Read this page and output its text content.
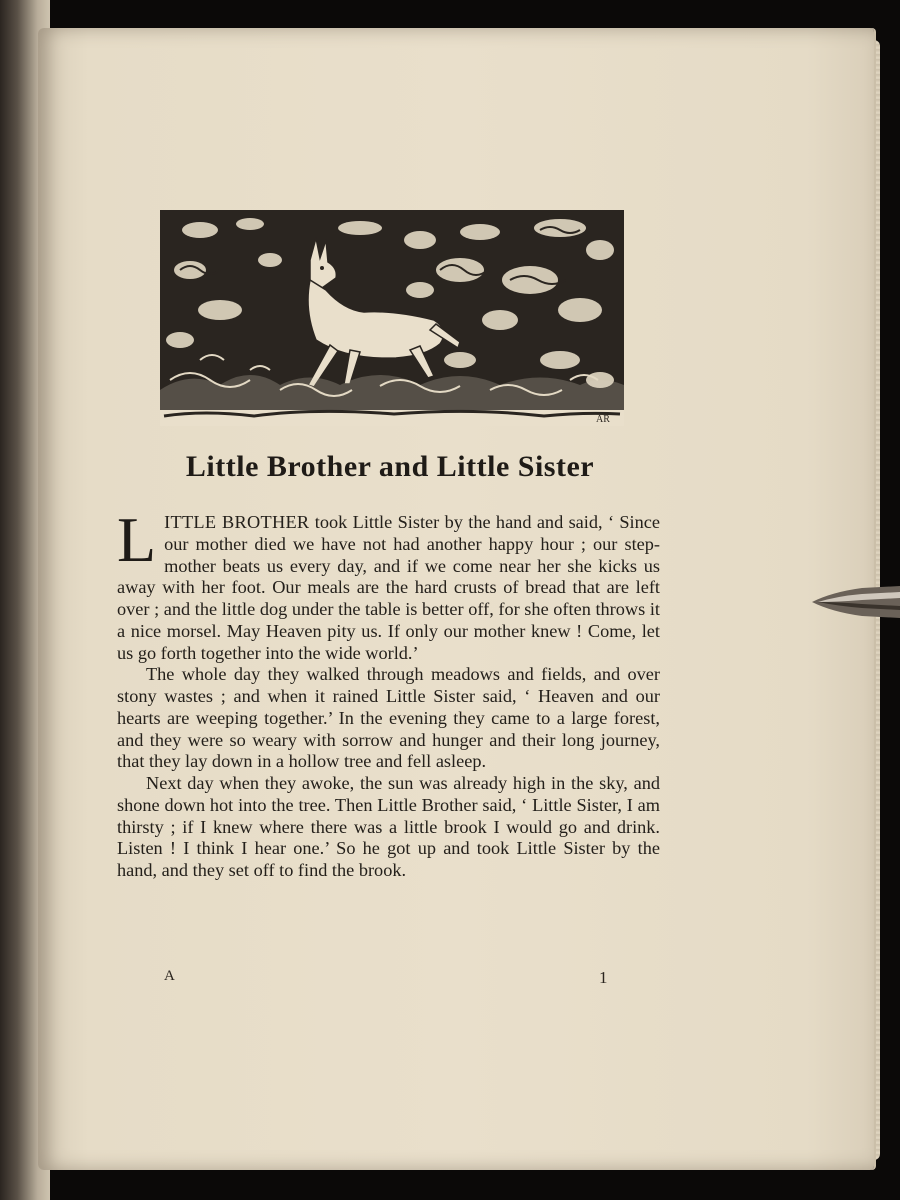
AR
Little Brother and Little Sister

LITTLE BROTHER took Little Sister by the hand and said, ‘ Since our mother died we have not had another happy hour ; our step-mother beats us every day, and if we come near her she kicks us away with her foot. Our meals are the hard crusts of bread that are left over ; and the little dog under the table is better off, for she often throws it a nice morsel. May Heaven pity us. If only our mother knew ! Come, let us go forth together into the wide world.’

The whole day they walked through meadows and fields, and over stony wastes ; and when it rained Little Sister said, ‘ Heaven and our hearts are weeping together.’ In the evening they came to a large forest, and they were so weary with sorrow and hunger and their long journey, that they lay down in a hollow tree and fell asleep.

Next day when they awoke, the sun was already high in the sky, and shone down hot into the tree. Then Little Brother said, ‘ Little Sister, I am thirsty ; if I knew where there was a little brook I would go and drink. Listen ! I think I hear one.’ So he got up and took Little Sister by the hand, and they set off to find the brook.

A	1
